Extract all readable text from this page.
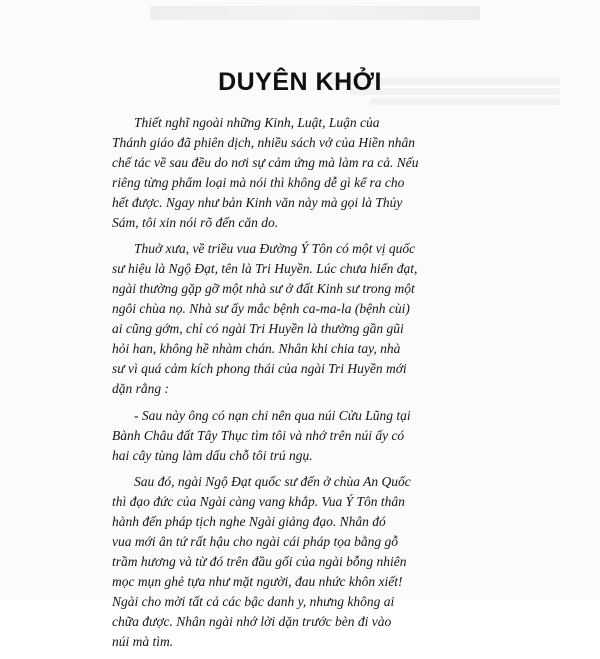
DUYÊN KHỞI

Thiết nghĩ ngoài những Kinh, Luật, Luận của
Thánh giáo đã phiên dịch, nhiều sách vở của Hiền nhân
chế tác về sau đều do nơi sự cảm ứng mà làm ra cả. Nếu
riêng từng phẩm loại mà nói thì không dễ gì kể ra cho
hết được. Ngay như bản Kinh văn này mà gọi là Thủy
Sám, tôi xin nói rõ đến căn do.

Thuở xưa, về triều vua Đường Ý Tôn có một vị quốc
sư hiệu là Ngộ Đạt, tên là Tri Huyền. Lúc chưa hiển đạt,
ngài thường gặp gỡ một nhà sư ở đất Kinh sư trong một
ngôi chùa nọ. Nhà sư ấy mắc bệnh ca-ma-la (bệnh cùi)
ai cũng gớm, chỉ có ngài Tri Huyền là thường gần gũi
hỏi han, không hề nhàm chán. Nhân khi chia tay, nhà
sư vì quá cảm kích phong thái của ngài Tri Huyền mới
dặn rằng :

- Sau này ông có nạn chi nên qua núi Cửu Lũng tại
Bành Châu đất Tây Thục tìm tôi và nhớ trên núi ấy có
hai cây tùng làm dấu chỗ tôi trú ngụ.

Sau đó, ngài Ngộ Đạt quốc sư đến ở chùa An Quốc
thì đạo đức của Ngài càng vang khắp. Vua Ý Tôn thân
hành đến pháp tịch nghe Ngài giảng đạo. Nhân đó
vua mới ân tứ rất hậu cho ngài cái pháp tọa bằng gỗ
trầm hương và từ đó trên đầu gối của ngài bỗng nhiên
mọc mụn ghẻ tựa như mặt người, đau nhức khôn xiết!
Ngài cho mời tất cả các bậc danh y, nhưng không ai
chữa được. Nhân ngài nhớ lời dặn trước bèn đi vào
núi mà tìm.
